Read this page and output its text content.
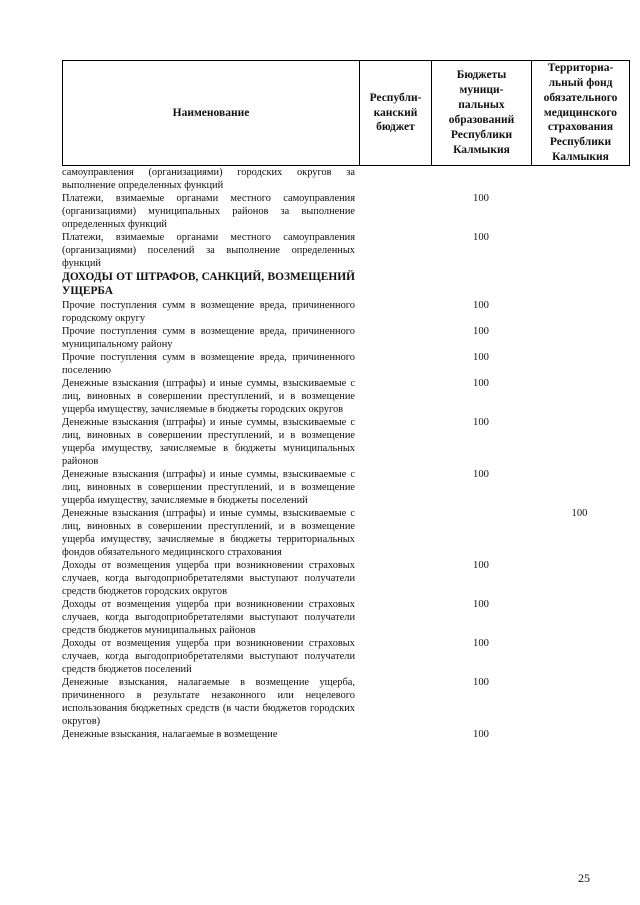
Наименование
Республи-
канский
бюджет
Бюджеты
муници-
пальных
образований
Республики
Калмыкия
Территориа-
льный фонд
обязательного
медицинского
страхования
Республики
Калмыкия
самоуправления (организациями) городских округов за выполнение определенных функций
Платежи, взимаемые органами местного самоуправления (организациями) муниципальных районов за выполнение определенных функций
100
Платежи, взимаемые органами местного самоуправления (организациями) поселений за выполнение определенных функций
100
ДОХОДЫ ОТ ШТРАФОВ, САНКЦИЙ, ВОЗМЕЩЕНИЙ УЩЕРБА
Прочие поступления сумм в возмещение вреда, причиненного городскому округу
100
Прочие поступления сумм в возмещение вреда, причиненного муниципальному району
100
Прочие поступления сумм в возмещение вреда, причиненного поселению
100
Денежные взыскания (штрафы) и иные суммы, взыскиваемые с лиц, виновных в совершении преступлений, и в возмещение ущерба имуществу, зачисляемые в бюджеты городских округов
100
Денежные взыскания (штрафы) и иные суммы, взыскиваемые с лиц, виновных в совершении преступлений, и в возмещение ущерба имуществу, зачисляемые в бюджеты муниципальных районов
100
Денежные взыскания (штрафы) и иные суммы, взыскиваемые с лиц, виновных в совершении преступлений, и в возмещение ущерба имуществу, зачисляемые в бюджеты поселений
100
Денежные взыскания (штрафы) и иные суммы, взыскиваемые с лиц, виновных в совершении преступлений, и в возмещение ущерба имуществу, зачисляемые в бюджеты территориальных фондов обязательного медицинского страхования
100
Доходы от возмещения ущерба при возникновении страховых случаев, когда выгодоприобретателями выступают получатели средств бюджетов городских округов
100
Доходы от возмещения ущерба при возникновении страховых случаев, когда выгодоприобретателями выступают получатели средств бюджетов муниципальных районов
100
Доходы от возмещения ущерба при возникновении страховых случаев, когда выгодоприобретателями выступают получатели средств бюджетов поселений
100
Денежные взыскания, налагаемые в возмещение ущерба, причиненного в результате незаконного или нецелевого использования бюджетных средств (в части бюджетов городских округов)
100
Денежные взыскания, налагаемые в возмещение	100
25
